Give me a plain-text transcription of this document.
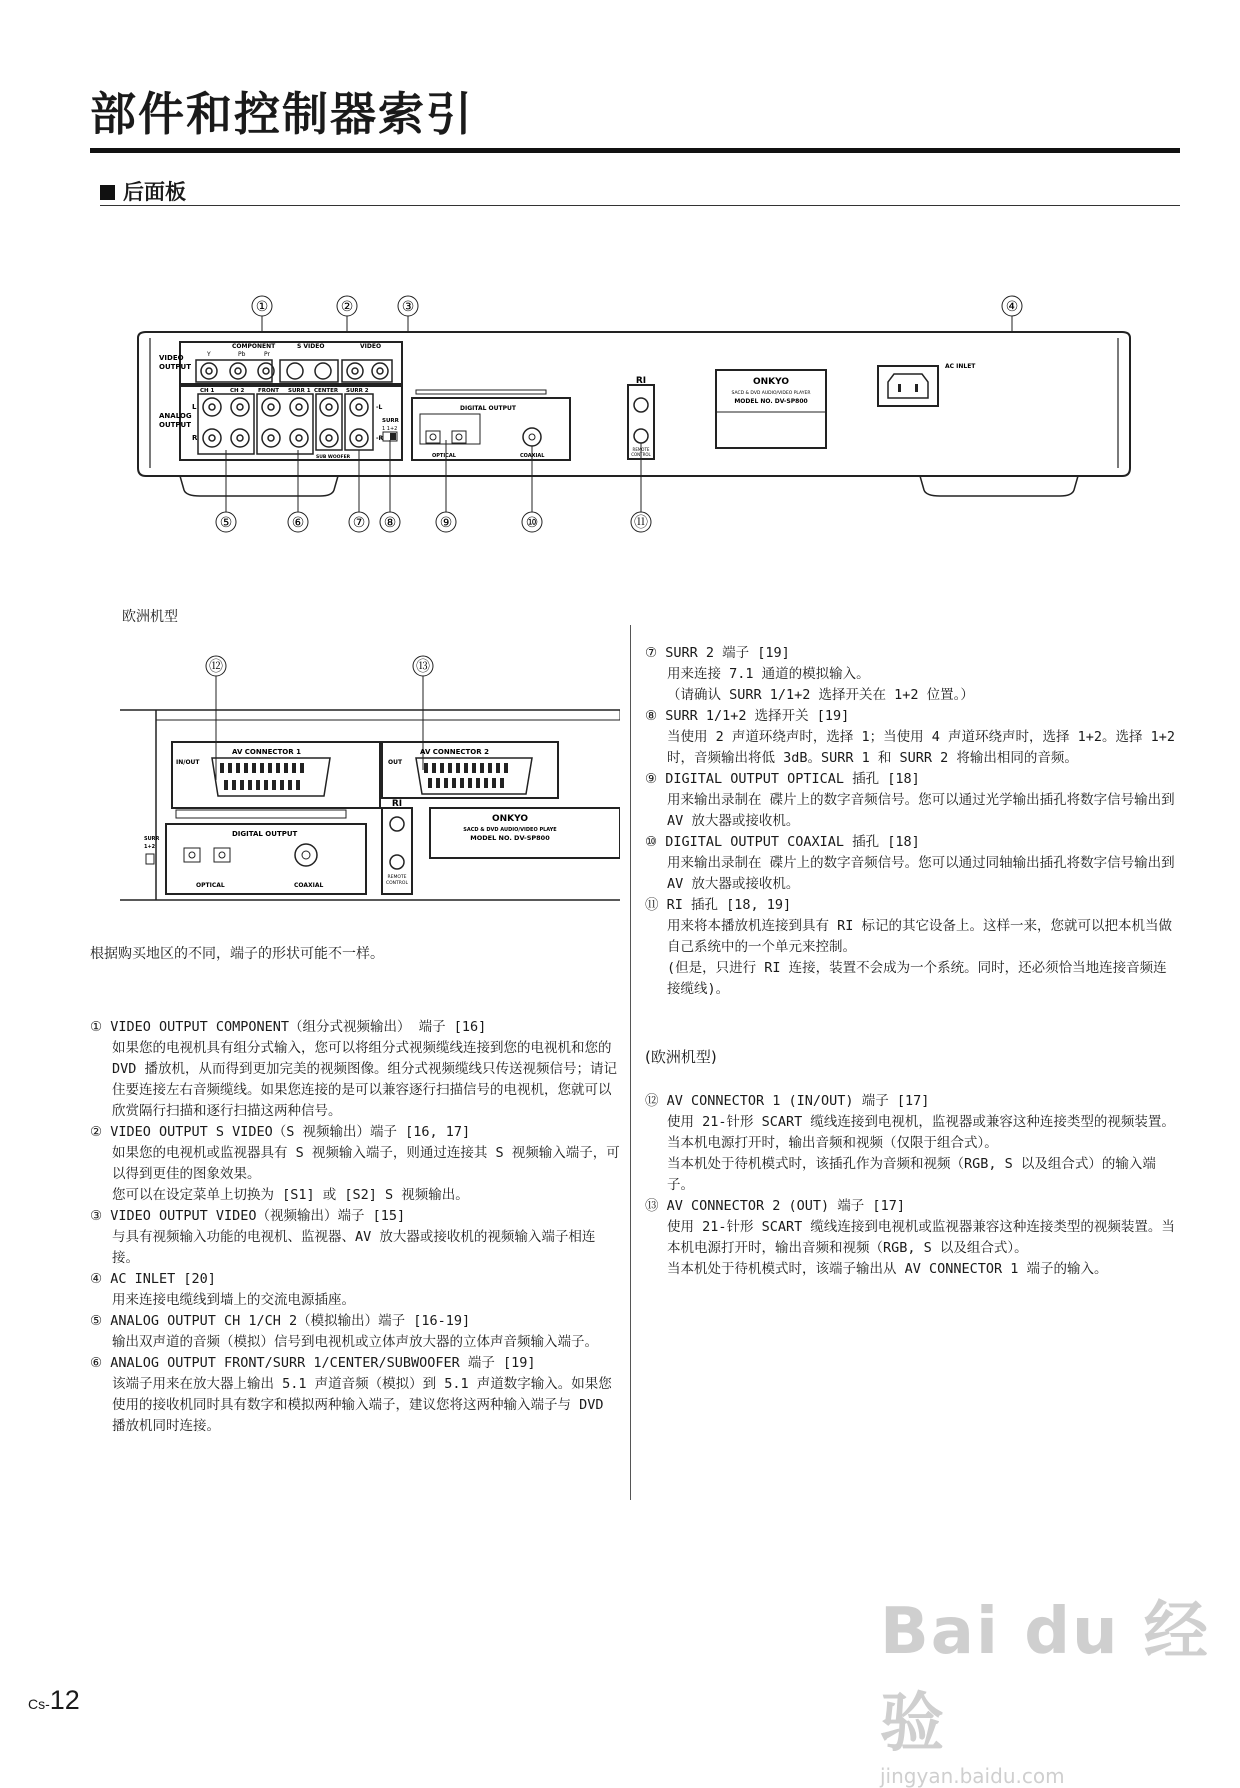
部件和控制器索引
后面板
①	②	③	④
VIDEO
OUTPUT
COMPONENT
Y	Pb	Pr
S VIDEO	VIDEO
ANALOG
OUTPUT
L
R
CH 1	CH 2 FRONT SURR 1 CENTER SURR 2
SUB WOOFER
-L
-R
SURR
1 1+2
DIGITAL OUTPUT
OPTICAL	COAXIAL
RI
REMOTE
CONTROL
ONKYO
SACD & DVD AUDIO/VIDEO PLAYER
MODEL NO. DV-SP800
AC INLET
⑤	⑥	⑦ ⑧	⑨	⑩	⑪
欧洲机型
⑫	⑬
AV CONNECTOR 1
IN/OUT
AV CONNECTOR 2
OUT
DIGITAL OUTPUT
OPTICAL	COAXIAL
SURR
1+2
RI
REMOTE
CONTROL
ONKYO
SACD & DVD AUDIO/VIDEO PLAYE
MODEL NO. DV-SP800
根据购买地区的不同，端子的形状可能不一样。
① VIDEO OUTPUT COMPONENT（组分式视频输出） 端子 [16]
如果您的电视机具有组分式输入，您可以将组分式视频缆线连接到您的电视机和您的 DVD 播放机，从而得到更加完美的视频图像。组分式视频缆线只传送视频信号；请记住要连接左右音频缆线。如果您连接的是可以兼容逐行扫描信号的电视机，您就可以欣赏隔行扫描和逐行扫描这两种信号。
② VIDEO OUTPUT S VIDEO（S 视频输出）端子 [16, 17]
如果您的电视机或监视器具有 S 视频输入端子，则通过连接其 S 视频输入端子，可以得到更佳的图象效果。
您可以在设定菜单上切换为 [S1] 或 [S2] S 视频输出。
③ VIDEO OUTPUT VIDEO（视频输出）端子 [15]
与具有视频输入功能的电视机、监视器、AV 放大器或接收机的视频输入端子相连接。
④ AC INLET [20]
用来连接电缆线到墙上的交流电源插座。
⑤ ANALOG OUTPUT CH 1/CH 2（模拟输出）端子 [16-19]
输出双声道的音频（模拟）信号到电视机或立体声放大器的立体声音频输入端子。
⑥ ANALOG OUTPUT FRONT/SURR 1/CENTER/SUBWOOFER 端子 [19]
该端子用来在放大器上输出 5.1 声道音频（模拟）到 5.1 声道数字输入。如果您使用的接收机同时具有数字和模拟两种输入端子，建议您将这两种输入端子与 DVD 播放机同时连接。
⑦ SURR 2 端子 [19]
用来连接 7.1 通道的模拟输入。
（请确认 SURR 1/1+2 选择开关在 1+2 位置。）
⑧ SURR 1/1+2 选择开关 [19]
当使用 2 声道环绕声时，选择 1；当使用 4 声道环绕声时，选择 1+2。选择 1+2 时，音频输出将低 3dB。SURR 1 和 SURR 2 将输出相同的音频。
⑨ DIGITAL OUTPUT OPTICAL 插孔 [18]
用来输出录制在 碟片上的数字音频信号。您可以通过光学输出插孔将数字信号输出到 AV 放大器或接收机。
⑩ DIGITAL OUTPUT COAXIAL 插孔 [18]
用来输出录制在 碟片上的数字音频信号。您可以通过同轴输出插孔将数字信号输出到 AV 放大器或接收机。
⑪ RI 插孔 [18, 19]
用来将本播放机连接到具有 RI 标记的其它设备上。这样一来，您就可以把本机当做自己系统中的一个单元来控制。
(但是，只进行 RI 连接，装置不会成为一个系统。同时，还必须恰当地连接音频连接缆线)。
(欧洲机型)
⑫ AV CONNECTOR 1 (IN/OUT) 端子 [17]
使用 21-针形 SCART 缆线连接到电视机，监视器或兼容这种连接类型的视频装置。当本机电源打开时，输出音频和视频（仅限于组合式）。
当本机处于待机模式时，该插孔作为音频和视频（RGB, S 以及组合式）的输入端子。
⑬ AV CONNECTOR 2 (OUT) 端子 [17]
使用 21-针形 SCART 缆线连接到电视机或监视器兼容这种连接类型的视频装置。当本机电源打开时，输出音频和视频（RGB, S 以及组合式）。
当本机处于待机模式时，该端子输出从 AV CONNECTOR 1 端子的输入。
Cs-12
Bai du 经验
jingyan.baidu.com
